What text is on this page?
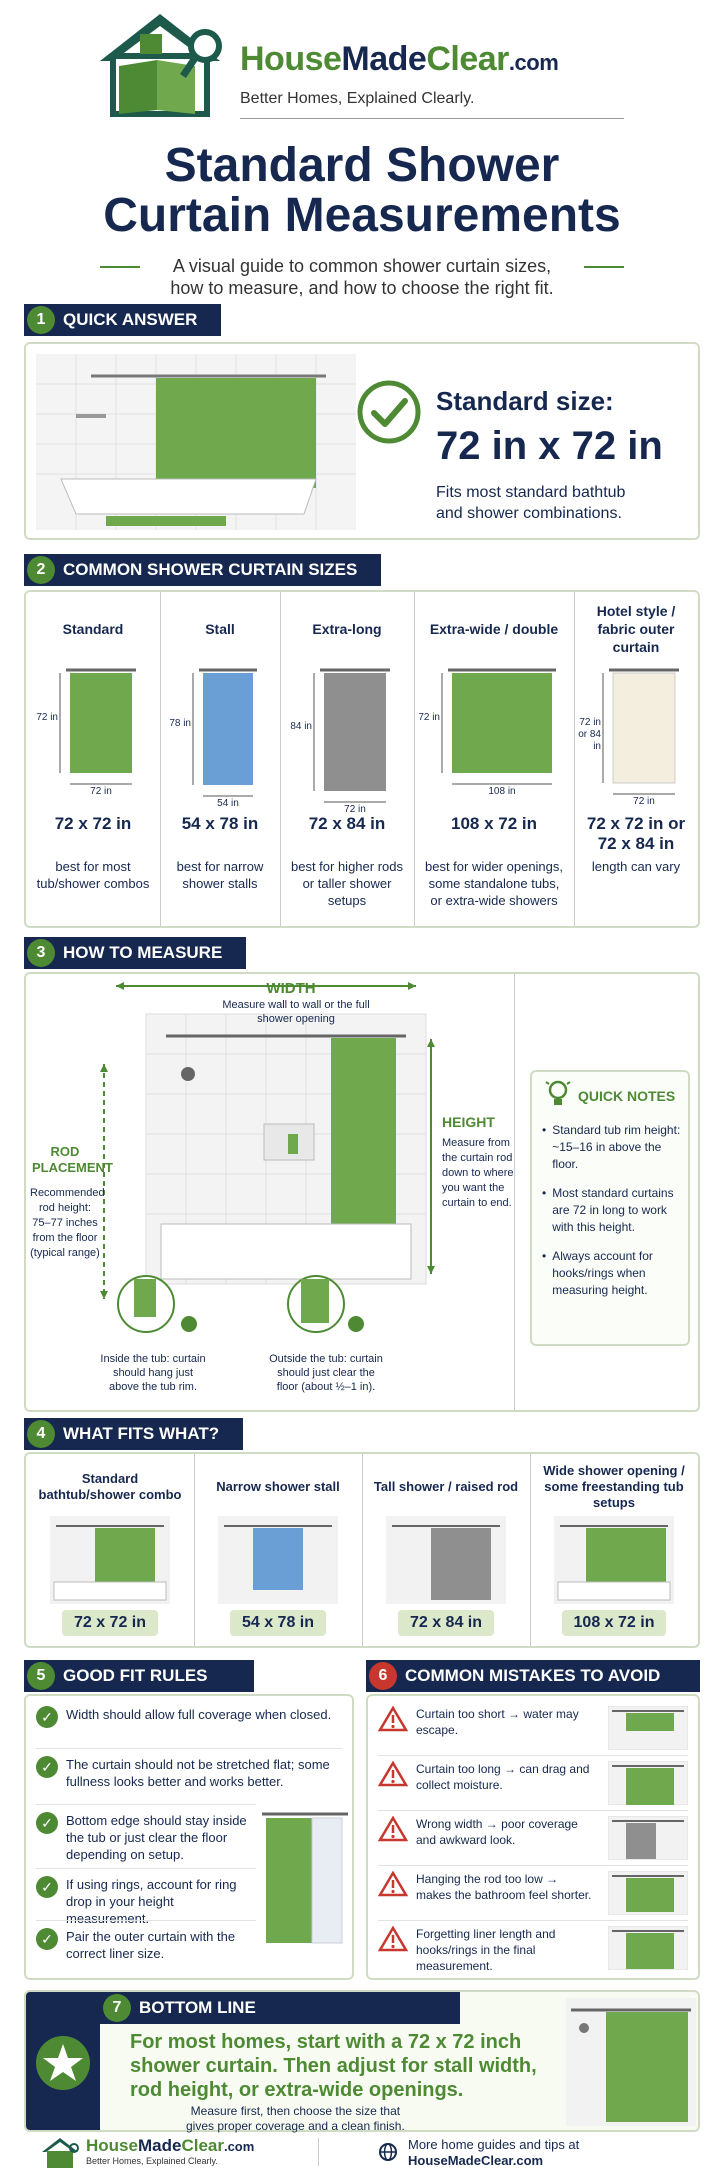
HouseMadeClear.com
Better Homes, Explained Clearly.
Standard Shower
Curtain Measurements
A visual guide to common shower curtain sizes,
how to measure, and how to choose the right fit.
1	QUICK ANSWER
Standard size:
72 in x 72 in
Fits most standard bathtub
and shower combinations.
2	COMMON SHOWER CURTAIN SIZES
Standard
72 in
72 in
72 x 72 in
best for most tub/shower combos
Stall
78 in
54 in
54 x 78 in
best for narrow shower stalls
Extra-long
84 in
72 in
72 x 84 in
best for higher rods or taller shower setups
Extra-wide / double
72 in
108 in
108 x 72 in
best for wider openings, some standalone tubs, or extra-wide showers
Hotel style / fabric outer curtain
72 in or 84 in
72 in
72 x 72 in or 72 x 84 in
length can vary
3	HOW TO MEASURE
WIDTH
Measure wall to wall or the full shower opening
HEIGHT
Measure from the curtain rod down to where you want the curtain to end.
ROD PLACEMENT
Recommended rod height: 75–77 inches from the floor (typical range)
Inside the tub: curtain should hang just above the tub rim.
Outside the tub: curtain should just clear the floor (about ½–1 in).
QUICK NOTES
• Standard tub rim height: ~15–16 in above the floor.
• Most standard curtains are 72 in long to work with this height.
• Always account for hooks/rings when measuring height.
4	WHAT FITS WHAT?
Standard bathtub/shower combo
72 x 72 in
Narrow shower stall
54 x 78 in
Tall shower / raised rod
72 x 84 in
Wide shower opening / some freestanding tub setups
108 x 72 in
5	GOOD FIT RULES
✓	Width should allow full coverage when closed.
✓	The curtain should not be stretched flat; some fullness looks better and works better.
✓	Bottom edge should stay inside the tub or just clear the floor depending on setup.
✓	If using rings, account for ring drop in your height measurement.
✓	Pair the outer curtain with the correct liner size.
6	COMMON MISTAKES TO AVOID
Curtain too short → water may escape.
Curtain too long → can drag and collect moisture.
Wrong width → poor coverage and awkward look.
Hanging the rod too low → makes the bathroom feel shorter.
Forgetting liner length and hooks/rings in the final measurement.
7	BOTTOM LINE
For most homes, start with a 72 x 72 inch
shower curtain. Then adjust for stall width,
rod height, or extra-wide openings.
Measure first, then choose the size that
gives proper coverage and a clean finish.
HouseMadeClear.com
Better Homes, Explained Clearly.
More home guides and tips at
HouseMadeClear.com
